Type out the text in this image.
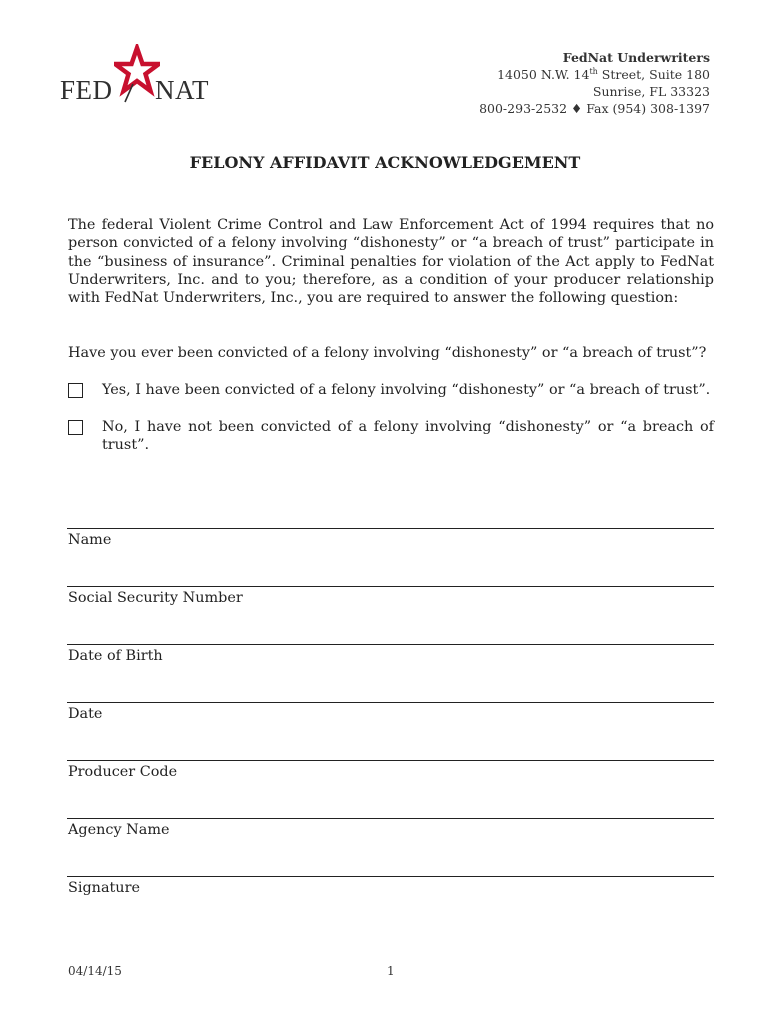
FED NAT
FedNat Underwriters
14050 N.W. 14th Street, Suite 180
Sunrise, FL 33323
800-293-2532 ♦ Fax (954) 308-1397
FELONY AFFIDAVIT ACKNOWLEDGEMENT
The federal Violent Crime Control and Law Enforcement Act of 1994 requires that no person convicted of a felony involving “dishonesty” or “a breach of trust” participate in the “business of insurance”. Criminal penalties for violation of the Act apply to FedNat Underwriters, Inc. and to you; therefore, as a condition of your producer relationship with FedNat Underwriters, Inc., you are required to answer the following question:
Have you ever been convicted of a felony involving “dishonesty” or “a breach of trust”?
Yes, I have been convicted of a felony involving “dishonesty” or “a breach of trust”.
No, I have not been convicted of a felony involving “dishonesty” or “a breach of trust”.
Name
Social Security Number
Date of Birth
Date
Producer Code
Agency Name
Signature
04/14/15	1
